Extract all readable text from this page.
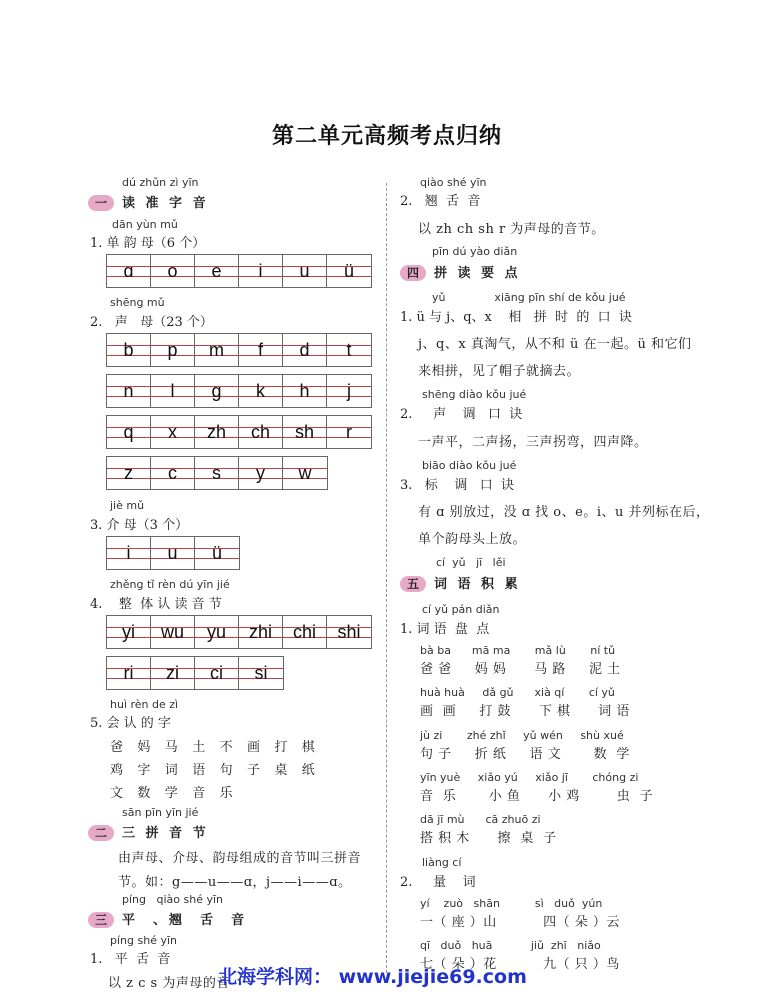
第二单元高频考点归纳
dú zhǔn zì yīn
一 读 准 字 音
dān yùn mǔ
1. 单 韵 母（6 个）
ɑ o e i u ü
shēng mǔ
2.   声   母（23 个）
b p m f d t
n l g k h j
q x zh ch sh r
z c s y w
jiè mǔ
3. 介 母（3 个）
i u ü
zhěng tǐ rèn dú yīn jié
4.    整  体 认 读 音 节
yi wu yu zhi chi shi
ri zi ci si
huì rèn de zì
5. 会 认 的 字
爸   妈   马   土   不   画   打   棋
鸡   字   词   语   句   子   桌   纸
文   数   学   音   乐
sān pīn yīn jié
二 三 拼 音 节
由声母、介母、韵母组成的音节叫三拼音
节。如：g——u——ɑ，j——i——ɑ。
píng   qiào shé yīn
三 平  、翘  舌  音
píng shé yīn
1.   平  舌  音
以 z c s 为声母的音
qiào shé yīn
2.   翘  舌  音
以 zh ch sh r 为声母的音节。
pīn dú yào diǎn
四 拼 读 要 点
yǔ              xiāng pīn shí de kǒu jué
1. ü 与 j、q、x    相   拼  时  的  口  诀
j、q、x 真淘气，从不和 ü 在一起。ü 和它们
来相拼，见了帽子就摘去。
shēng diào kǒu jué
2.     声    调   口  诀
一声平，二声扬，三声拐弯，四声降。
biāo diào kǒu jué
3.   标    调   口  诀
有 ɑ 别放过，没 ɑ 找 o、e。i、u 并列标在后，
单个韵母头上放。
cí  yǔ   jī   lěi
五 词 语 积 累
cí yǔ pán diǎn
1. 词 语  盘  点
bà ba      mā ma       mǎ lù       ní tǔ
爸 爸     妈 妈      马 路     泥 土
huà huà     dǎ gǔ      xià qí       cí yǔ
画  画     打 鼓      下 棋      词 语
jù zi       zhé zhǐ     yǔ wén     shù xué
句 子     折 纸     语 文       数  学
yīn yuè     xiǎo yú     xiǎo jī       chóng zi
音  乐       小 鱼      小 鸡        虫  子
dā jī mù      cā zhuō zi
搭 积 木      擦  桌  子
liàng cí
2.     量    词
yí    zuò   shān          sì   duǒ  yún
一（ 座 ）山          四（ 朵 ）云
qī   duǒ   huā           jiǔ  zhī   niǎo
七（ 朵 ）花          九（ 只 ）鸟
北海学科网： www.jiejie69.com
